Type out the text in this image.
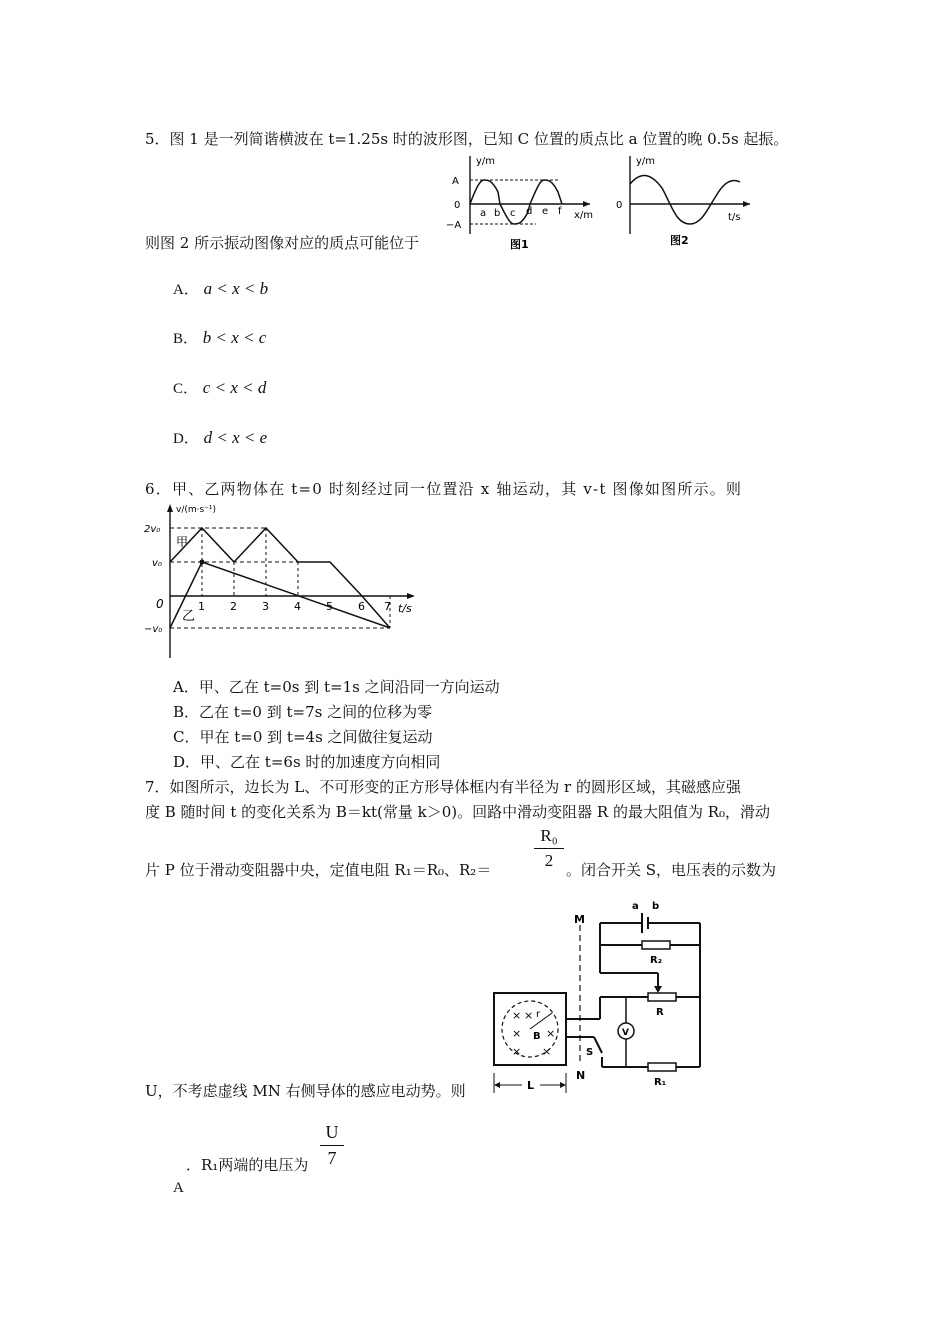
5．图 1 是一列简谐横波在 t=1.25s 时的波形图，已知 C 位置的质点比 a 位置的晚 0.5s 起振。
y/m
A
0
−A
a b c d e f x/m
图1
y/m
0
t/s
图2
则图 2 所示振动图像对应的质点可能位于
A． a < x < b
B． b < x < c
C． c < x < d
D． d < x < e
6．甲、乙两物体在 t=0 时刻经过同一位置沿 x 轴运动，其 v-t 图像如图所示。则
v/(m·s⁻¹)
2v₀
v₀
−v₀
0
甲
乙
1 2 3 4 5 6 7 t/s
A．甲、乙在 t=0s 到 t=1s 之间沿同一方向运动
B．乙在 t=0 到 t=7s 之间的位移为零
C．甲在 t=0 到 t=4s 之间做往复运动
D．甲、乙在 t=6s 时的加速度方向相同
7．如图所示，边长为 L、不可形变的正方形导体框内有半径为 r 的圆形区域，其磁感应强
度 B 随时间 t 的变化关系为 B＝kt(常量 k＞0)。回路中滑动变阻器 R 的最大阻值为 R₀，滑动
R₀
2
片 P 位于滑动变阻器中央，定值电阻 R₁＝R₀、R₂＝	。闭合开关 S，电压表的示数为
M
N
r
B
×
×
×
×
×
×
S
R
a b
R₂
V
R₁
L
U，不考虑虚线 MN 右侧导体的感应电动势。则
U
7
．R₁两端的电压为
A
